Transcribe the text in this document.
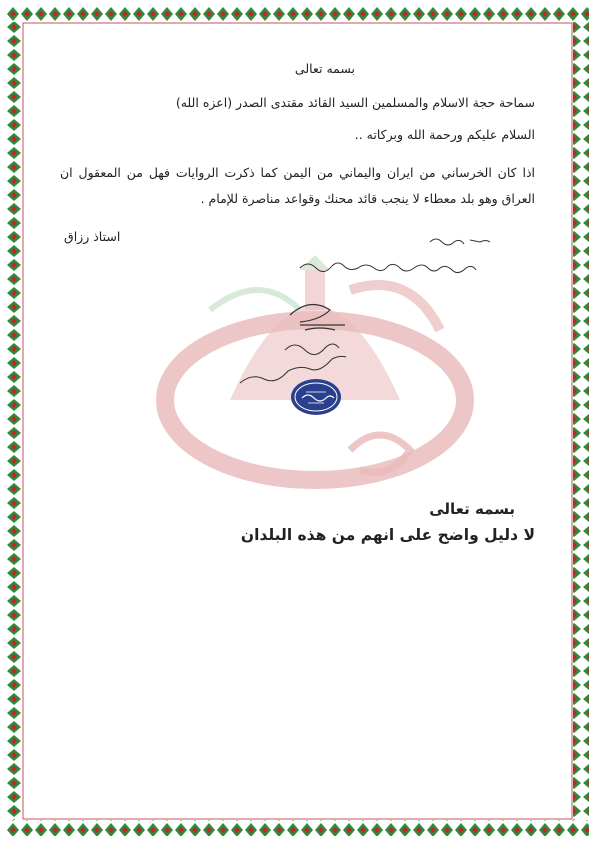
بسمه تعالى
سماحة حجة الاسلام والمسلمين السيد القائد مقتدى الصدر (اعزه الله)
السلام عليكم ورحمة الله وبركاته ..
اذا كان الخرساني من ايران واليماني من اليمن كما ذكرت الروايات فهل من المعقول ان العراق وهو بلد معطاء لا ينجب قائد محنك وقواعد مناصرة للإمام .
استاذ رزاق
بسمه تعالى
لا دليل واضح على انهم من هذه البلدان
